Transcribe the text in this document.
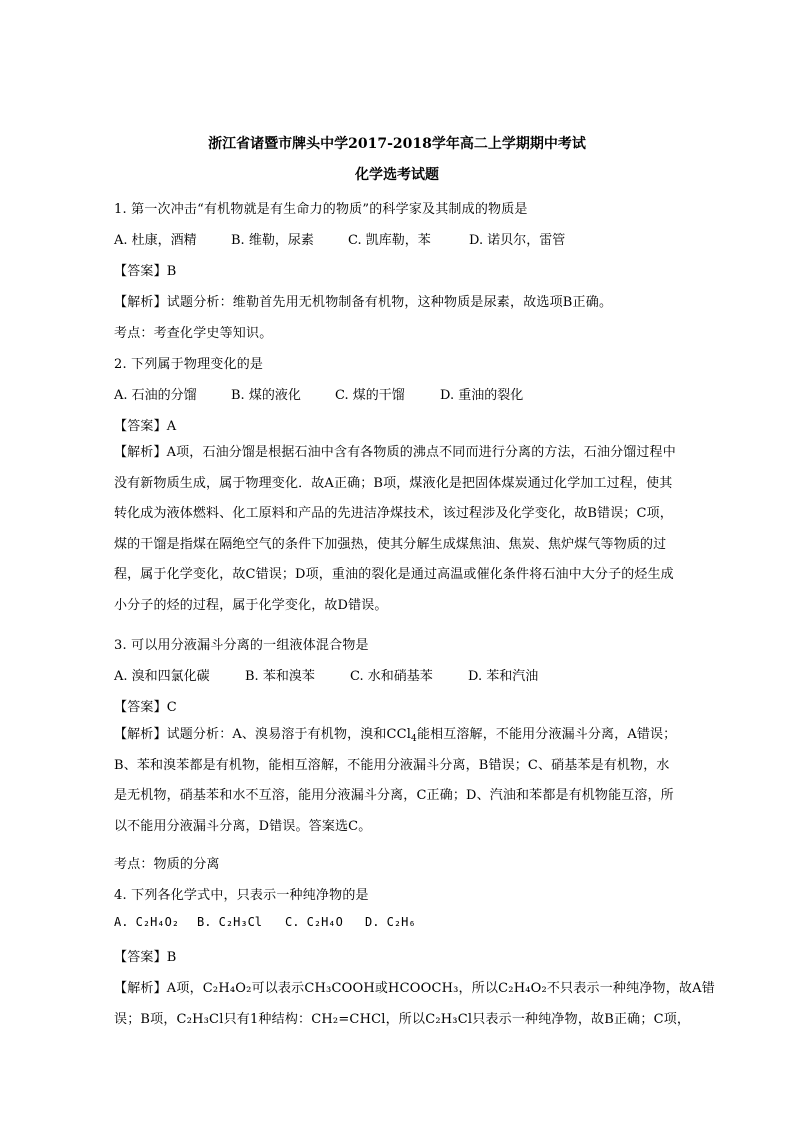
浙江省诸暨市牌头中学2017-2018学年高二上学期期中考试
化学选考试题
1. 第一次冲击“有机物就是有生命力的物质”的科学家及其制成的物质是
A. 杜康，酒精	B. 维勒，尿素	C. 凯库勒，苯	D. 诺贝尔，雷管
【答案】B
【解析】试题分析：维勒首先用无机物制备有机物，这种物质是尿素，故选项B正确。
考点：考查化学史等知识。
2. 下列属于物理变化的是
A. 石油的分馏	B. 煤的液化	C. 煤的干馏	D. 重油的裂化
【答案】A
【解析】A项，石油分馏是根据石油中含有各物质的沸点不同而进行分离的方法，石油分馏过程中没有新物质生成，属于物理变化．故A正确；B项，煤液化是把固体煤炭通过化学加工过程，使其转化成为液体燃料、化工原料和产品的先进洁净煤技术，该过程涉及化学变化，故B错误；C项，煤的干馏是指煤在隔绝空气的条件下加强热，使其分解生成煤焦油、焦炭、焦炉煤气等物质的过程，属于化学变化，故C错误；D项，重油的裂化是通过高温或催化条件将石油中大分子的烃生成小分子的烃的过程，属于化学变化，故D错误。
3. 可以用分液漏斗分离的一组液体混合物是
A. 溴和四氯化碳	B. 苯和溴苯	C. 水和硝基苯	D. 苯和汽油
【答案】C
【解析】试题分析：A、溴易溶于有机物，溴和CCl$_4$能相互溶解，不能用分液漏斗分离，A错误；B、苯和溴苯都是有机物，能相互溶解，不能用分液漏斗分离，B错误；C、硝基苯是有机物，水是无机物，硝基苯和水不互溶，能用分液漏斗分离，C正确；D、汽油和苯都是有机物能互溶，所以不能用分液漏斗分离，D错误。答案选C。
考点：物质的分离
4. 下列各化学式中，只表示一种纯净物的是
A. C₂H₄O₂ B. C₂H₃Cl C. C₂H₄O D. C₂H₆
【答案】B
【解析】A项，C₂H₄O₂可以表示CH₃COOH或HCOOCH₃，所以C₂H₄O₂不只表示一种纯净物，故A错
误；B项，C₂H₃Cl只有1种结构：CH₂=CHCl，所以C₂H₃Cl只表示一种纯净物，故B正确；C项，
